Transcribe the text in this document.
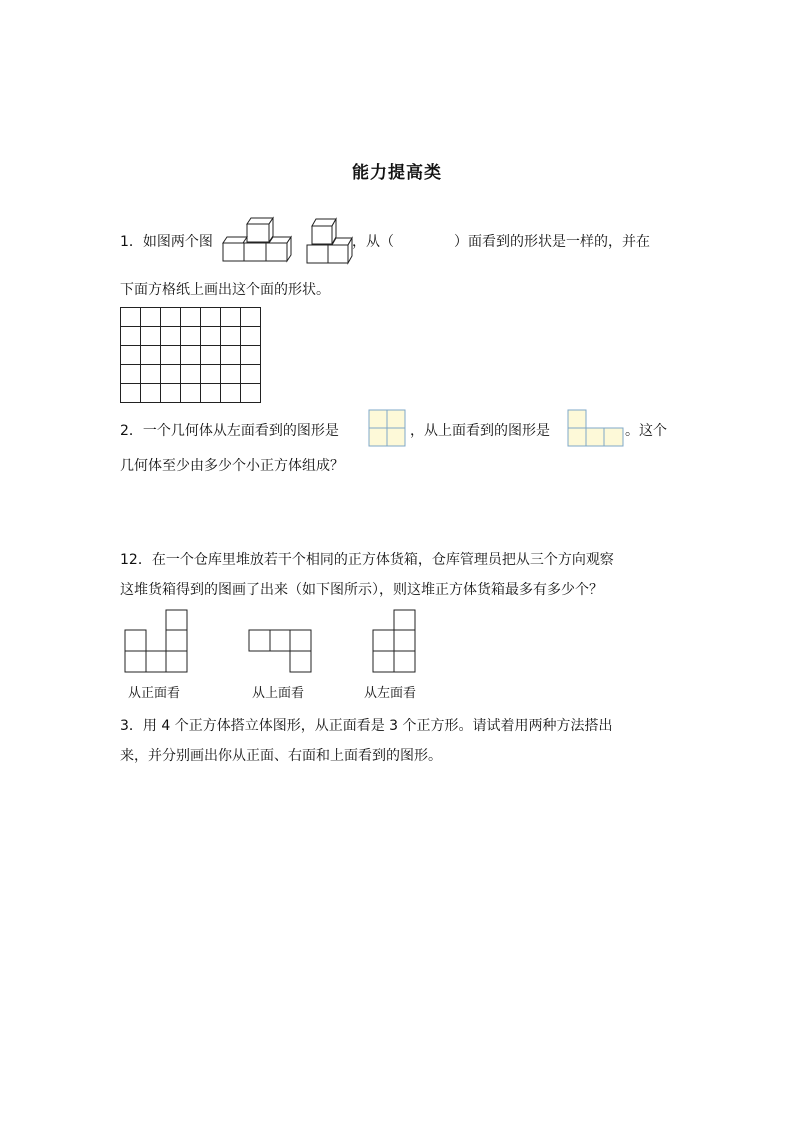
能力提高类
1．如图两个图	，从（	）面看到的形状是一样的，并在
下面方格纸上画出这个面的形状。

2．一个几何体从左面看到的图形是	，从上面看到的图形是	。这个
几何体至少由多少个小正方体组成？
12．在一个仓库里堆放若干个相同的正方体货箱，仓库管理员把从三个方向观察
这堆货箱得到的图画了出来（如下图所示），则这堆正方体货箱最多有多少个？
从正面看	从上面看	从左面看
3．用 4 个正方体搭立体图形，从正面看是 3 个正方形。请试着用两种方法搭出
来，并分别画出你从正面、右面和上面看到的图形。
